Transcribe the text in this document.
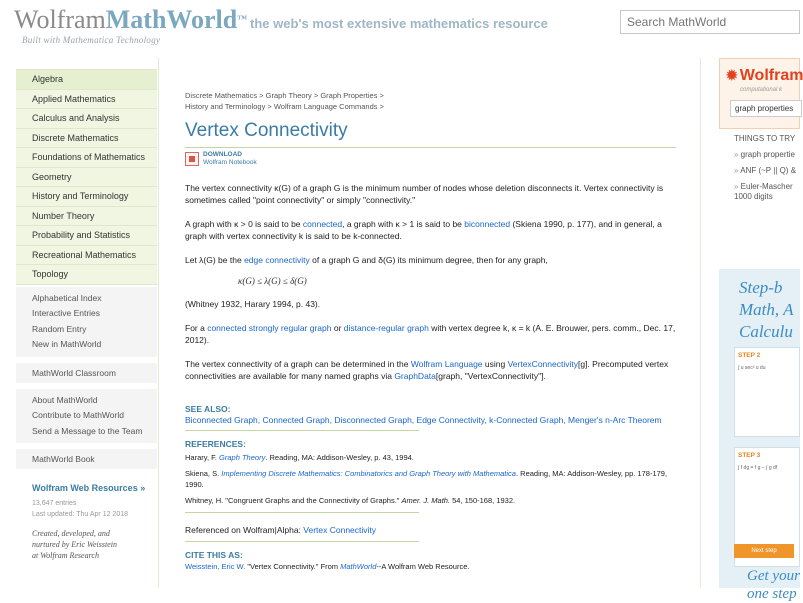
WolframMathWorld™
Built with Mathematica Technology
the web's most extensive mathematics resource
Search MathWorld
Algebra
Applied Mathematics
Calculus and Analysis
Discrete Mathematics
Foundations of Mathematics
Geometry
History and Terminology
Number Theory
Probability and Statistics
Recreational Mathematics
Topology
Alphabetical Index
Interactive Entries
Random Entry
New in MathWorld
MathWorld Classroom
About MathWorld
Contribute to MathWorld
Send a Message to the Team
MathWorld Book
Wolfram Web Resources »
13,647 entries
Last updated: Thu Apr 12 2018
Created, developed, and
nurtured by Eric Weisstein
at Wolfram Research
Discrete Mathematics > Graph Theory > Graph Properties >
History and Terminology > Wolfram Language Commands >
Vertex Connectivity
DOWNLOAD
Wolfram Notebook
The vertex connectivity κ(G) of a graph G is the minimum number of nodes whose deletion disconnects it. Vertex connectivity is sometimes called "point connectivity" or simply "connectivity."
A graph with κ > 0 is said to be connected, a graph with κ > 1 is said to be biconnected (Skiena 1990, p. 177), and in general, a graph with vertex connectivity k is said to be k-connected.
Let λ(G) be the edge connectivity of a graph G and δ(G) its minimum degree, then for any graph,
κ(G) ≤ λ(G) ≤ δ(G)
(Whitney 1932, Harary 1994, p. 43).
For a connected strongly regular graph or distance-regular graph with vertex degree k, κ = k (A. E. Brouwer, pers. comm., Dec. 17, 2012).
The vertex connectivity of a graph can be determined in the Wolfram Language using VertexConnectivity[g]. Precomputed vertex connectivities are available for many named graphs via GraphData[graph, "VertexConnectivity"].
SEE ALSO:
Biconnected Graph, Connected Graph, Disconnected Graph, Edge Connectivity, k-Connected Graph, Menger's n-Arc Theorem
REFERENCES:
Harary, F. Graph Theory. Reading, MA: Addison-Wesley, p. 43, 1994.
Skiena, S. Implementing Discrete Mathematics: Combinatorics and Graph Theory with Mathematica. Reading, MA: Addison-Wesley, pp. 178-179, 1990.
Whitney, H. "Congruent Graphs and the Connectivity of Graphs." Amer. J. Math. 54, 150-168, 1932.
Referenced on Wolfram|Alpha: Vertex Connectivity
CITE THIS AS:
Weisstein, Eric W. "Vertex Connectivity." From MathWorld--A Wolfram Web Resource.
✹ Wolfram
computational k
graph properties
THINGS TO TRY
» graph propertie
» ANF (~P || Q) &
» Euler-Mascher
1000 digits
Step-b
Math, A
Calculu
STEP 2
∫ u sec² u du
STEP 3
∫ f dg = f g − ∫ g df
Next step
Get your
one step
